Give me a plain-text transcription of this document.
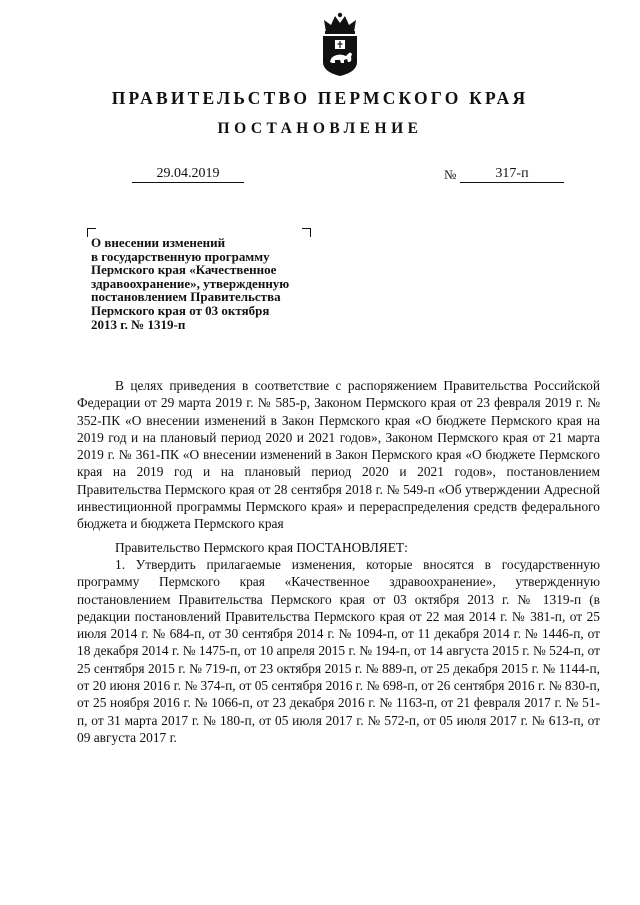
ПРАВИТЕЛЬСТВО ПЕРМСКОГО КРАЯ
ПОСТАНОВЛЕНИЕ
29.04.2019	№	317-п
О внесении изменений
в государственную программу
Пермского края «Качественное
здравоохранение», утвержденную
постановлением Правительства
Пермского края от 03 октября
2013 г. № 1319-п

В целях приведения в соответствие с распоряжением Правительства Российской Федерации от 29 марта 2019 г. № 585-р, Законом Пермского края от 23 февраля 2019 г. № 352-ПК «О внесении изменений в Закон Пермского края «О бюджете Пермского края на 2019 год и на плановый период 2020 и 2021 годов», Законом Пермского края от 21 марта 2019 г. № 361-ПК «О внесении изменений в Закон Пермского края «О бюджете Пермского края на 2019 год и на плановый период 2020 и 2021 годов», постановлением Правительства Пермского края от 28 сентября 2018 г. № 549-п «Об утверждении Адресной инвестиционной программы Пермского края» и перераспределения средств федерального бюджета и бюджета Пермского края

Правительство Пермского края ПОСТАНОВЛЯЕТ:

1. Утвердить прилагаемые изменения, которые вносятся в государственную программу Пермского края «Качественное здравоохранение», утвержденную постановлением Правительства Пермского края от 03 октября 2013 г. № 1319-п (в редакции постановлений Правительства Пермского края от 22 мая 2014 г. № 381-п, от 25 июля 2014 г. № 684-п, от 30 сентября 2014 г. № 1094-п, от 11 декабря 2014 г. № 1446-п, от 18 декабря 2014 г. № 1475-п, от 10 апреля 2015 г. № 194-п, от 14 августа 2015 г. № 524-п, от 25 сентября 2015 г. № 719-п, от 23 октября 2015 г. № 889-п, от 25 декабря 2015 г. № 1144-п, от 20 июня 2016 г. № 374-п, от 05 сентября 2016 г. № 698-п, от 26 сентября 2016 г. № 830-п, от 25 ноября 2016 г. № 1066-п, от 23 декабря 2016 г. № 1163-п, от 21 февраля 2017 г. № 51-п, от 31 марта 2017 г. № 180-п, от 05 июля 2017 г. № 572-п, от 05 июля 2017 г. № 613-п, от 09 августа 2017 г.
